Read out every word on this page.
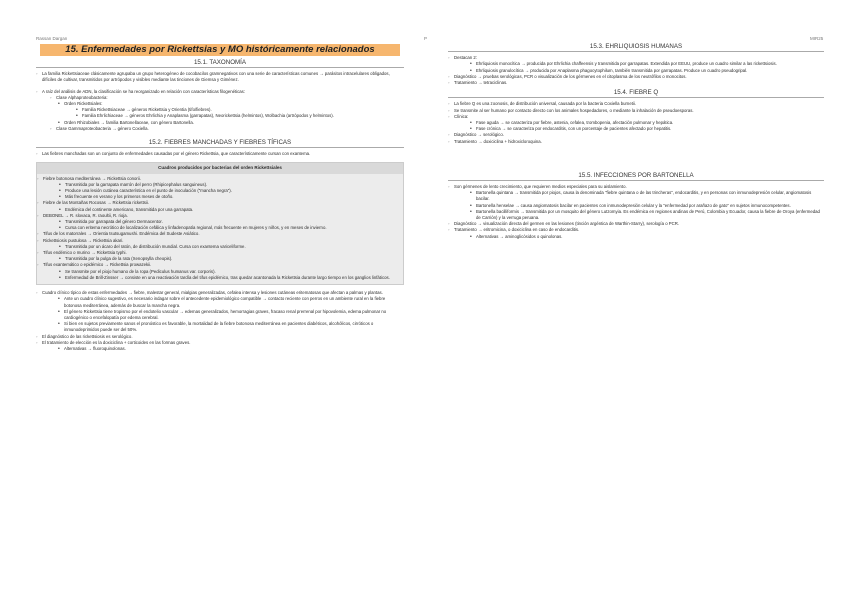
Rassan Dargan
15. Enfermedades por Rickettsias y MO históricamente relacionados
15.1. TAXONOMÍA

◦ La familia Rickettsiaceae clásicamente agrupaba un grupo heterogéneo de cocobacilos gramnegativos con una serie de características comunes → parásitos intracelulares obligados, difíciles de cultivar, transmitidos por artrópodos y visibles mediante las tinciones de Giemsa y Giménez.

◦ A raíz del análisis de ADN, la clasificación se ha reorganizado en relación con características filogenéticas:

◦ Clase Alphaproteobacteria:

• Orden Rickettsiales:

• Familia Rickettsiaceae → géneros Rickettsia y Orientia (tifo/fiebres).

• Familia Ehrlichiaceae → géneros Ehrlichia y Anaplasma (garrapatas), Neorickettsia (helmintos), Wolbachia (artrópodos y helmintos).

• Orden Rhizobiales → familia Bartonellaceae, con género Bartonella.

◦ Clase Gammaproteobacteria → género Coxiella.

15.2. FIEBRES MANCHADAS Y FIEBRES TÍFICAS

◦ Las fiebres manchadas son un conjunto de enfermedades causadas por el género Rickettsia, que característicamente cursan con exantema.

Cuadros producidos por bacterias del orden Rickettsiales

◦ Fiebre botonosa mediterránea → Rickettsia conorii.

• Transmitida por la garrapata marrón del perro (Rhipicephalus sanguineus).

• Produce una lesión cutánea característica en el punto de inoculación ("mancha negra").

• Más frecuente en verano y los primeros meses de otoño.

◦ Fiebre de las Montañas Rocosas → Rickettsia rickettsii.

• Endémica del continente americano, transmitida por una garrapata.

◦ DEBONEL → R. slovaca, R. raoultii, R. rioja.

• Transmitida por garrapata del género Dermacentor.

• Cursa con eritema necrótico de localización cefálica y linfadenopatía regional, más frecuente en mujeres y niños, y en meses de invierno.

◦ Tifus de los matorrales → Orientia tsutsugamushi. Endémica del Sudeste Asiático.

◦ Rickettsiosis pustulosa → Rickettsia akari.

• Transmitida por un ácaro del ratón, de distribución mundial. Cursa con exantema variceliforme.

◦ Tifus endémico o murino → Rickettsia typhi.

• Transmitida por la pulga de la rata (Xenopsylla cheopis).

◦ Tifus exantemático o epidémico → Rickettsia prowazekii.

• Se transmite por el piojo humano de la ropa (Pediculus humanus var. corporis).

• Enfermedad de Brill-Zinsser → consiste en una reactivación tardía del tifus epidémico, tras quedar acantonada la Rickettsia durante largo tiempo en los ganglios linfáticos.

◦ Cuadro clínico típico de estas enfermedades → fiebre, malestar general, mialgias generalizadas, cefalea intensa y lesiones cutáneas eritematosas que afectan a palmas y plantas.

• Ante un cuadro clínico sugestivo, es necesario indagar sobre el antecedente epidemiológico compatible → contacto reciente con perros en un ambiente rural en la fiebre botonosa mediterránea, además de buscar la mancha negra.

• El género Rickettsia tiene tropismo por el endotelio vascular → edemas generalizados, hemorragias graves, fracaso renal prerrenal por hipovolemia, edema pulmonar no cardiogénico o encefalopatía por edema cerebral.

• Si bien en sujetos previamente sanos el pronóstico es favorable, la mortalidad de la fiebre botonosa mediterránea en pacientes diabéticos, alcohólicos, cirróticos o inmunodeprimidos puede ser del 50%.

◦ El diagnóstico de las rickettsiosis es serológico.

◦ El tratamiento de elección es la doxiciclina + corticoides en las formas graves.

• Alternativas → fluoroquinolonas.

P	MIR25
15.3. EHRLIQUIOSIS HUMANAS

◦ Destacan 2:

• Ehrliquiosis monocítica → producida por Ehrlichia chaffeensis y transmitida por garrapatas. Extendida por EEUU, produce un cuadro similar a las rickettsiosis.

• Ehrliquiosis granulocítica → producida por Anaplasma phagocytophilum, también transmitida por garrapatas. Produce un cuadro pseudogripal.

◦ Diagnóstico → pruebas serológicas, PCR o visualización de los gérmenes en el citoplasma de los neutrófilos o monocitos.

◦ Tratamiento → tetraciclinas.

15.4. FIEBRE Q

◦ La fiebre Q es una zoonosis, de distribución universal, causada por la bacteria Coxiella burnetii.

◦ Se transmite al ser humano por contacto directo con los animales hospedadores, o mediante la inhalación de pseudoesporas.

◦ Clínica:

• Fase aguda → se caracteriza por fiebre, astenia, cefalea, trombopenia, afectación pulmonar y hepática.

• Fase crónica → se caracteriza por endocarditis, con un porcentaje de pacientes afectado por hepatitis.

◦ Diagnóstico → serológico.

◦ Tratamiento → doxiciclina + hidroxicloroquina.

15.5. INFECCIONES POR BARTONELLA

◦ Son gérmenes de lento crecimiento, que requieren medios especiales para su aislamiento.

• Bartonella quintana → transmitida por piojos, causa la denominada "fiebre quintana o de las trincheras", endocarditis, y en personas con inmunodepresión celular, angiomatosis bacilar.

• Bartonella henselae → causa angiomatosis bacilar en pacientes con inmunodepresión celular y la "enfermedad por arañazo de gato" en sujetos inmunocompetentes.

• Bartonella bacilliformis → transmitida por un mosquito del género Lutzomyia. Es endémica en regiones andinas de Perú, Colombia y Ecuador, causa la fiebre de Oroya (enfermedad de Carrión) y la verruga peruana.

◦ Diagnóstico → visualización directa del germen en las lesiones (tinción argéntica de Warthin-Starry), serología o PCR.

◦ Tratamiento → eritromicina, o doxiciclina en caso de endocarditis.

• Alternativas → aminoglicósidos o quinolonas.
